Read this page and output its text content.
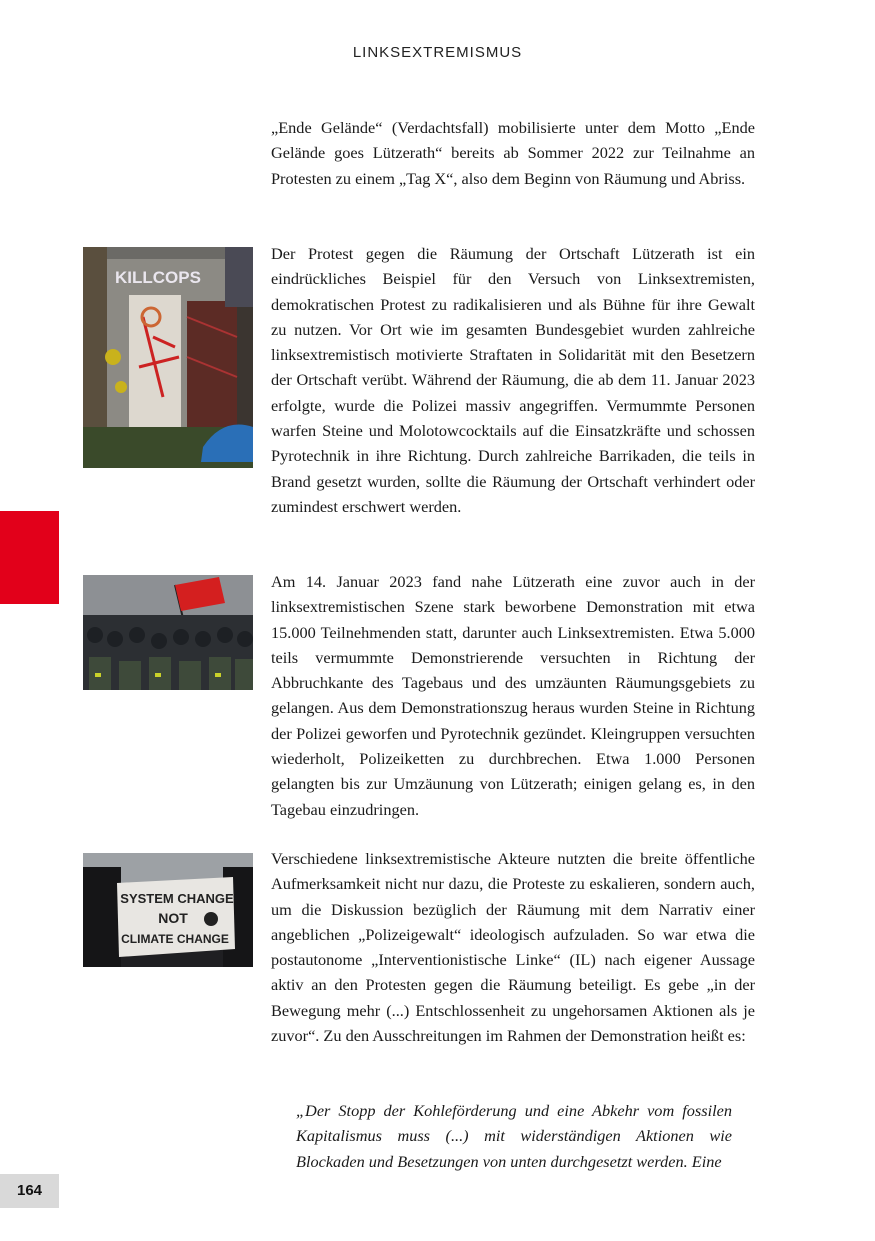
LINKSEXTREMISMUS
164
KILLCOPS
SYSTEM CHANGE
NOT
CLIMATE CHANGE

„Ende Gelände“ (Verdachtsfall) mobilisierte unter dem Motto „Ende Gelände goes Lützerath“ bereits ab Sommer 2022 zur Teilnahme an Protesten zu einem „Tag X“, also dem Beginn von Räumung und Abriss.

Der Protest gegen die Räumung der Ortschaft Lützerath ist ein eindrückliches Beispiel für den Versuch von Linksextremisten, demokratischen Protest zu radikalisieren und als Bühne für ihre Gewalt zu nutzen. Vor Ort wie im gesamten Bundesgebiet wurden zahlreiche linksextremistisch motivierte Straftaten in Solidarität mit den Besetzern der Ortschaft verübt. Während der Räumung, die ab dem 11. Januar 2023 erfolgte, wurde die Polizei massiv angegriffen. Vermummte Personen warfen Steine und Molotowcocktails auf die Einsatzkräfte und schossen Pyrotechnik in ihre Richtung. Durch zahlreiche Barrikaden, die teils in Brand gesetzt wurden, sollte die Räumung der Ortschaft verhindert oder zumindest erschwert werden.

Am 14. Januar 2023 fand nahe Lützerath eine zuvor auch in der linksextremistischen Szene stark beworbene Demonstration mit etwa 15.000 Teilnehmenden statt, darunter auch Linksextremisten. Etwa 5.000 teils vermummte Demonstrierende versuchten in Richtung der Abbruchkante des Tagebaus und des umzäunten Räumungsgebiets zu gelangen. Aus dem Demonstrationszug heraus wurden Steine in Richtung der Polizei geworfen und Pyrotechnik gezündet. Kleingruppen versuchten wiederholt, Polizeiketten zu durchbrechen. Etwa 1.000 Personen gelangten bis zur Umzäunung von Lützerath; einigen gelang es, in den Tagebau einzudringen.

Verschiedene linksextremistische Akteure nutzten die breite öffentliche Aufmerksamkeit nicht nur dazu, die Proteste zu eskalieren, sondern auch, um die Diskussion bezüglich der Räumung mit dem Narrativ einer angeblichen „Polizeigewalt“ ideologisch aufzuladen. So war etwa die postautonome „Interventionistische Linke“ (IL) nach eigener Aussage aktiv an den Protesten gegen die Räumung beteiligt. Es gebe „in der Bewegung mehr (...) Entschlossenheit zu ungehorsamen Aktionen als je zuvor“. Zu den Ausschreitungen im Rahmen der Demonstration heißt es:

„Der Stopp der Kohleförderung und eine Abkehr vom fossilen Kapitalismus muss (...) mit widerständigen Aktionen wie Blockaden und Besetzungen von unten durchgesetzt werden. Eine
